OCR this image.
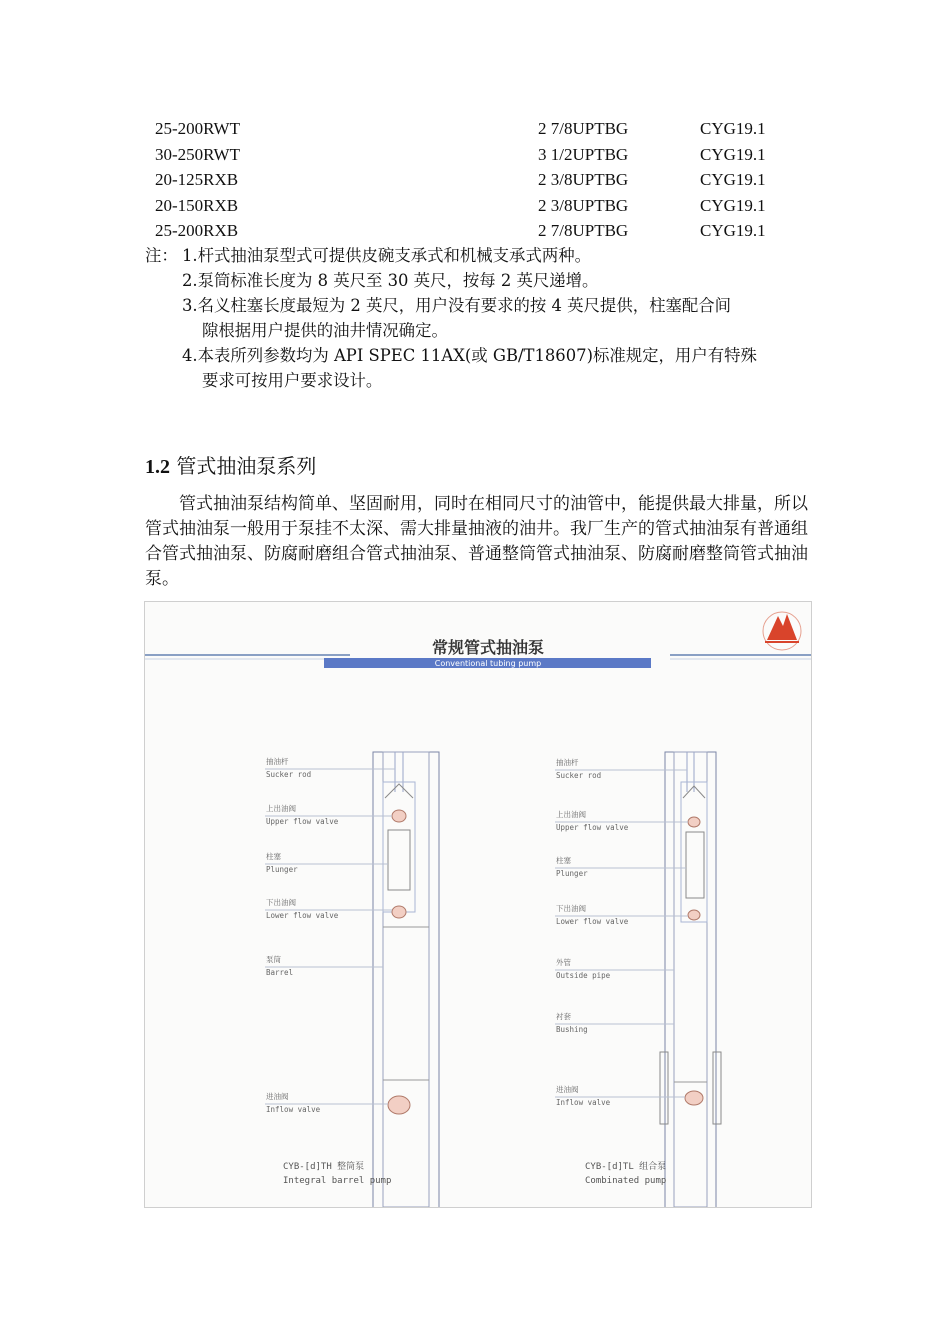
25-200RWT	2 7/8UPTBG	CYG19.1
30-250RWT	3 1/2UPTBG	CYG19.1
20-125RXB	2 3/8UPTBG	CYG19.1
20-150RXB	2 3/8UPTBG	CYG19.1
25-200RXB	2 7/8UPTBG	CYG19.1
注： 1.杆式抽油泵型式可提供皮碗支承式和机械支承式两种。
2.泵筒标准长度为 8 英尺至 30 英尺，按每 2 英尺递增。
3.名义柱塞长度最短为 2 英尺，用户没有要求的按 4 英尺提供，柱塞配合间
隙根据用户提供的油井情况确定。
4.本表所列参数均为 API SPEC 11AX(或 GB/T18607)标准规定，用户有特殊
要求可按用户要求设计。
1.2 管式抽油泵系列
管式抽油泵结构简单、坚固耐用，同时在相同尺寸的油管中，能提供最大排量，所以管式抽油泵一般用于泵挂不太深、需大排量抽液的油井。我厂生产的管式抽油泵有普通组合管式抽油泵、防腐耐磨组合管式抽油泵、普通整筒管式抽油泵、防腐耐磨整筒管式抽油泵。
常规管式抽油泵
Conventional tubing pump
抽油杆
Sucker rod
上出油阀
Upper flow valve
柱塞
Plunger
下出油阀
Lower flow valve
泵筒
Barrel
进油阀
Inflow valve
CYB-[d]TH 整筒泵
Integral barrel pump
抽油杆
Sucker rod
上出油阀
Upper flow valve
柱塞
Plunger
下出油阀
Lower flow valve
外管
Outside pipe
衬套
Bushing
进油阀
Inflow valve
CYB-[d]TL 组合泵
Combinated pump
